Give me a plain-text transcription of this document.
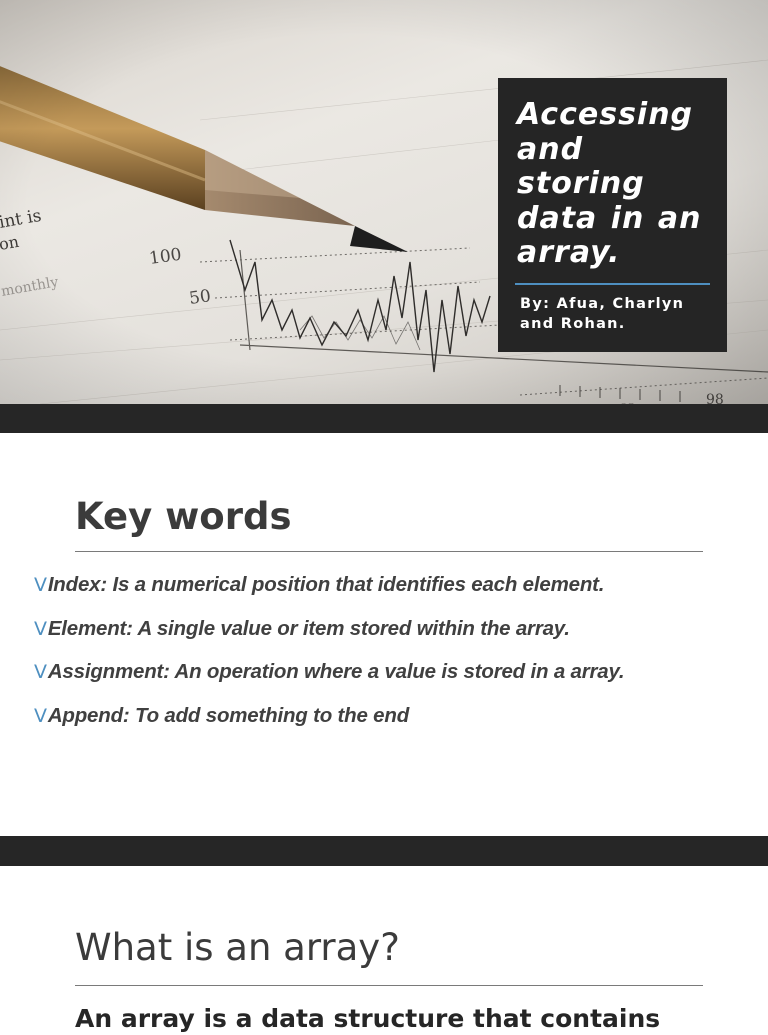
Accessing and storing data in an array.
By: Afua, Charlyn and Rohan.
Key words
V Index: Is a numerical position that identifies each element.
V Element: A single value or item stored within the array.
V Assignment: An operation where a value is stored in a array.
V Append: To add something to the end
What is an array?

An array is a data structure that contains
